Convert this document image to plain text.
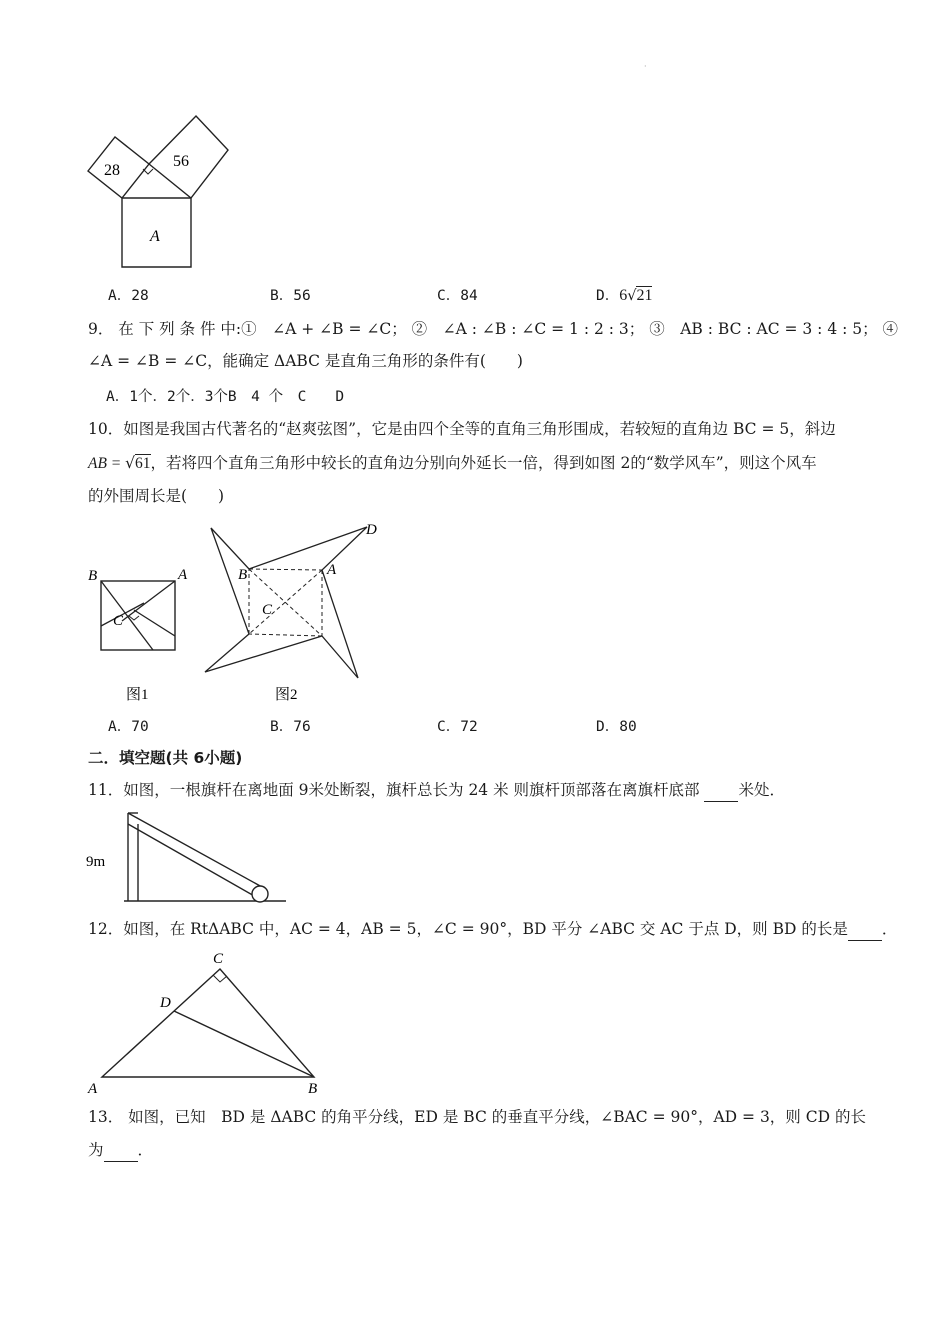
·
28
56
A
A．28	B．56	C．84	D．6√21
9． 在 下 列 条 件 中:①　∠A + ∠B = ∠C； ②　∠A : ∠B : ∠C = 1 : 2 : 3； ③　AB : BC : AC = 3 : 4 : 5； ④
∠A = ∠B = ∠C，能确定 ΔABC 是直角三角形的条件有(　　)
A．1个．2个．3个B　4 个　C　　D
10．如图是我国古代著名的“赵爽弦图”，它是由四个全等的直角三角形围成，若较短的直角边 BC = 5，斜边
AB = √61，若将四个直角三角形中较长的直角边分别向外延长一倍，得到如图 2的“数学风车”，则这个风车
的外围周长是(　　)
B	A
C
图1
B	A
C
D
图2
A．70	B．76	C．72	D．80
二．填空题(共 6小题)
11．如图，一根旗杆在离地面 9米处断裂，旗杆总长为 24 米 则旗杆顶部落在离旗杆底部  米处．
9m
12．如图，在 RtΔABC 中，AC = 4，AB = 5，∠C = 90°，BD 平分 ∠ABC 交 AC 于点 D，则 BD 的长是 ．
C
D
A	B
13． 如图，已知　BD 是 ΔABC 的角平分线，ED 是 BC 的垂直平分线，∠BAC = 90°，AD = 3，则 CD 的长
为 ．
